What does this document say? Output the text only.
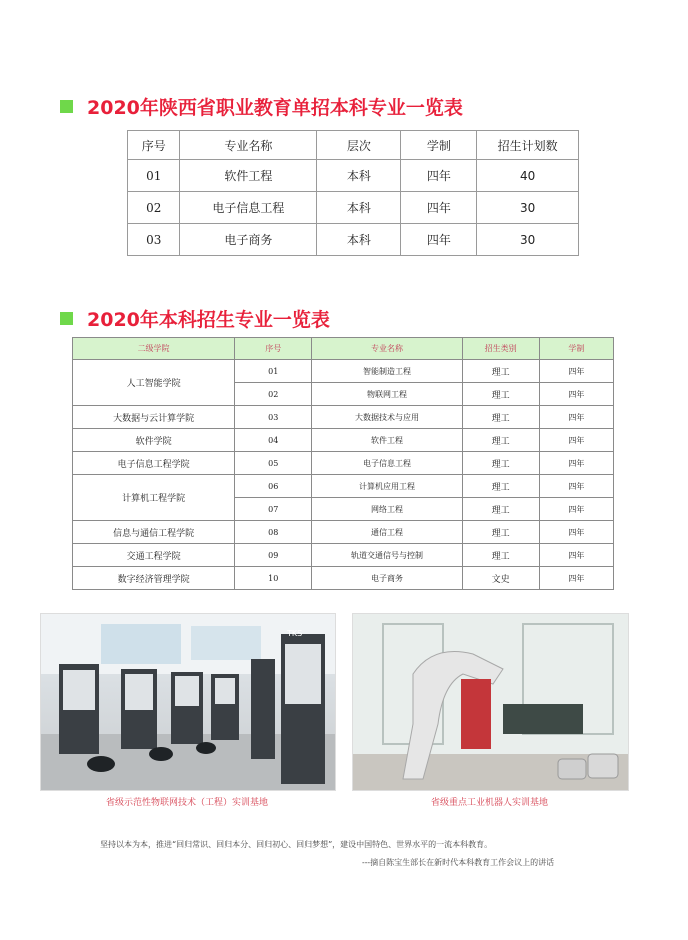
2020年陕西省职业教育单招本科专业一览表
序号	专业名称	层次	学制	招生计划数
01	软件工程	本科	四年	40
02	电子信息工程	本科	四年	30
03	电子商务	本科	四年	30
2020年本科招生专业一览表
二级学院	序号	专业名称	招生类别	学制
人工智能学院	01	智能制造工程	理工	四年
	02	物联网工程	理工	四年
大数据与云计算学院	03	大数据技术与应用	理工	四年
软件学院	04	软件工程	理工	四年
电子信息工程学院	05	电子信息工程	理工	四年
计算机工程学院	06	计算机应用工程	理工	四年
	07	网络工程	理工	四年
信息与通信工程学院	08	通信工程	理工	四年
交通工程学院	09	轨道交通信号与控制	理工	四年
数字经济管理学院	10	电子商务	文史	四年
TKS
省级示范性物联网技术（工程）实训基地	省级重点工业机器人实训基地
坚持以本为本，推进“回归常识、回归本分、回归初心、回归梦想”，建设中国特色、世界水平的一流本科教育。
---摘自陈宝生部长在新时代本科教育工作会议上的讲话
